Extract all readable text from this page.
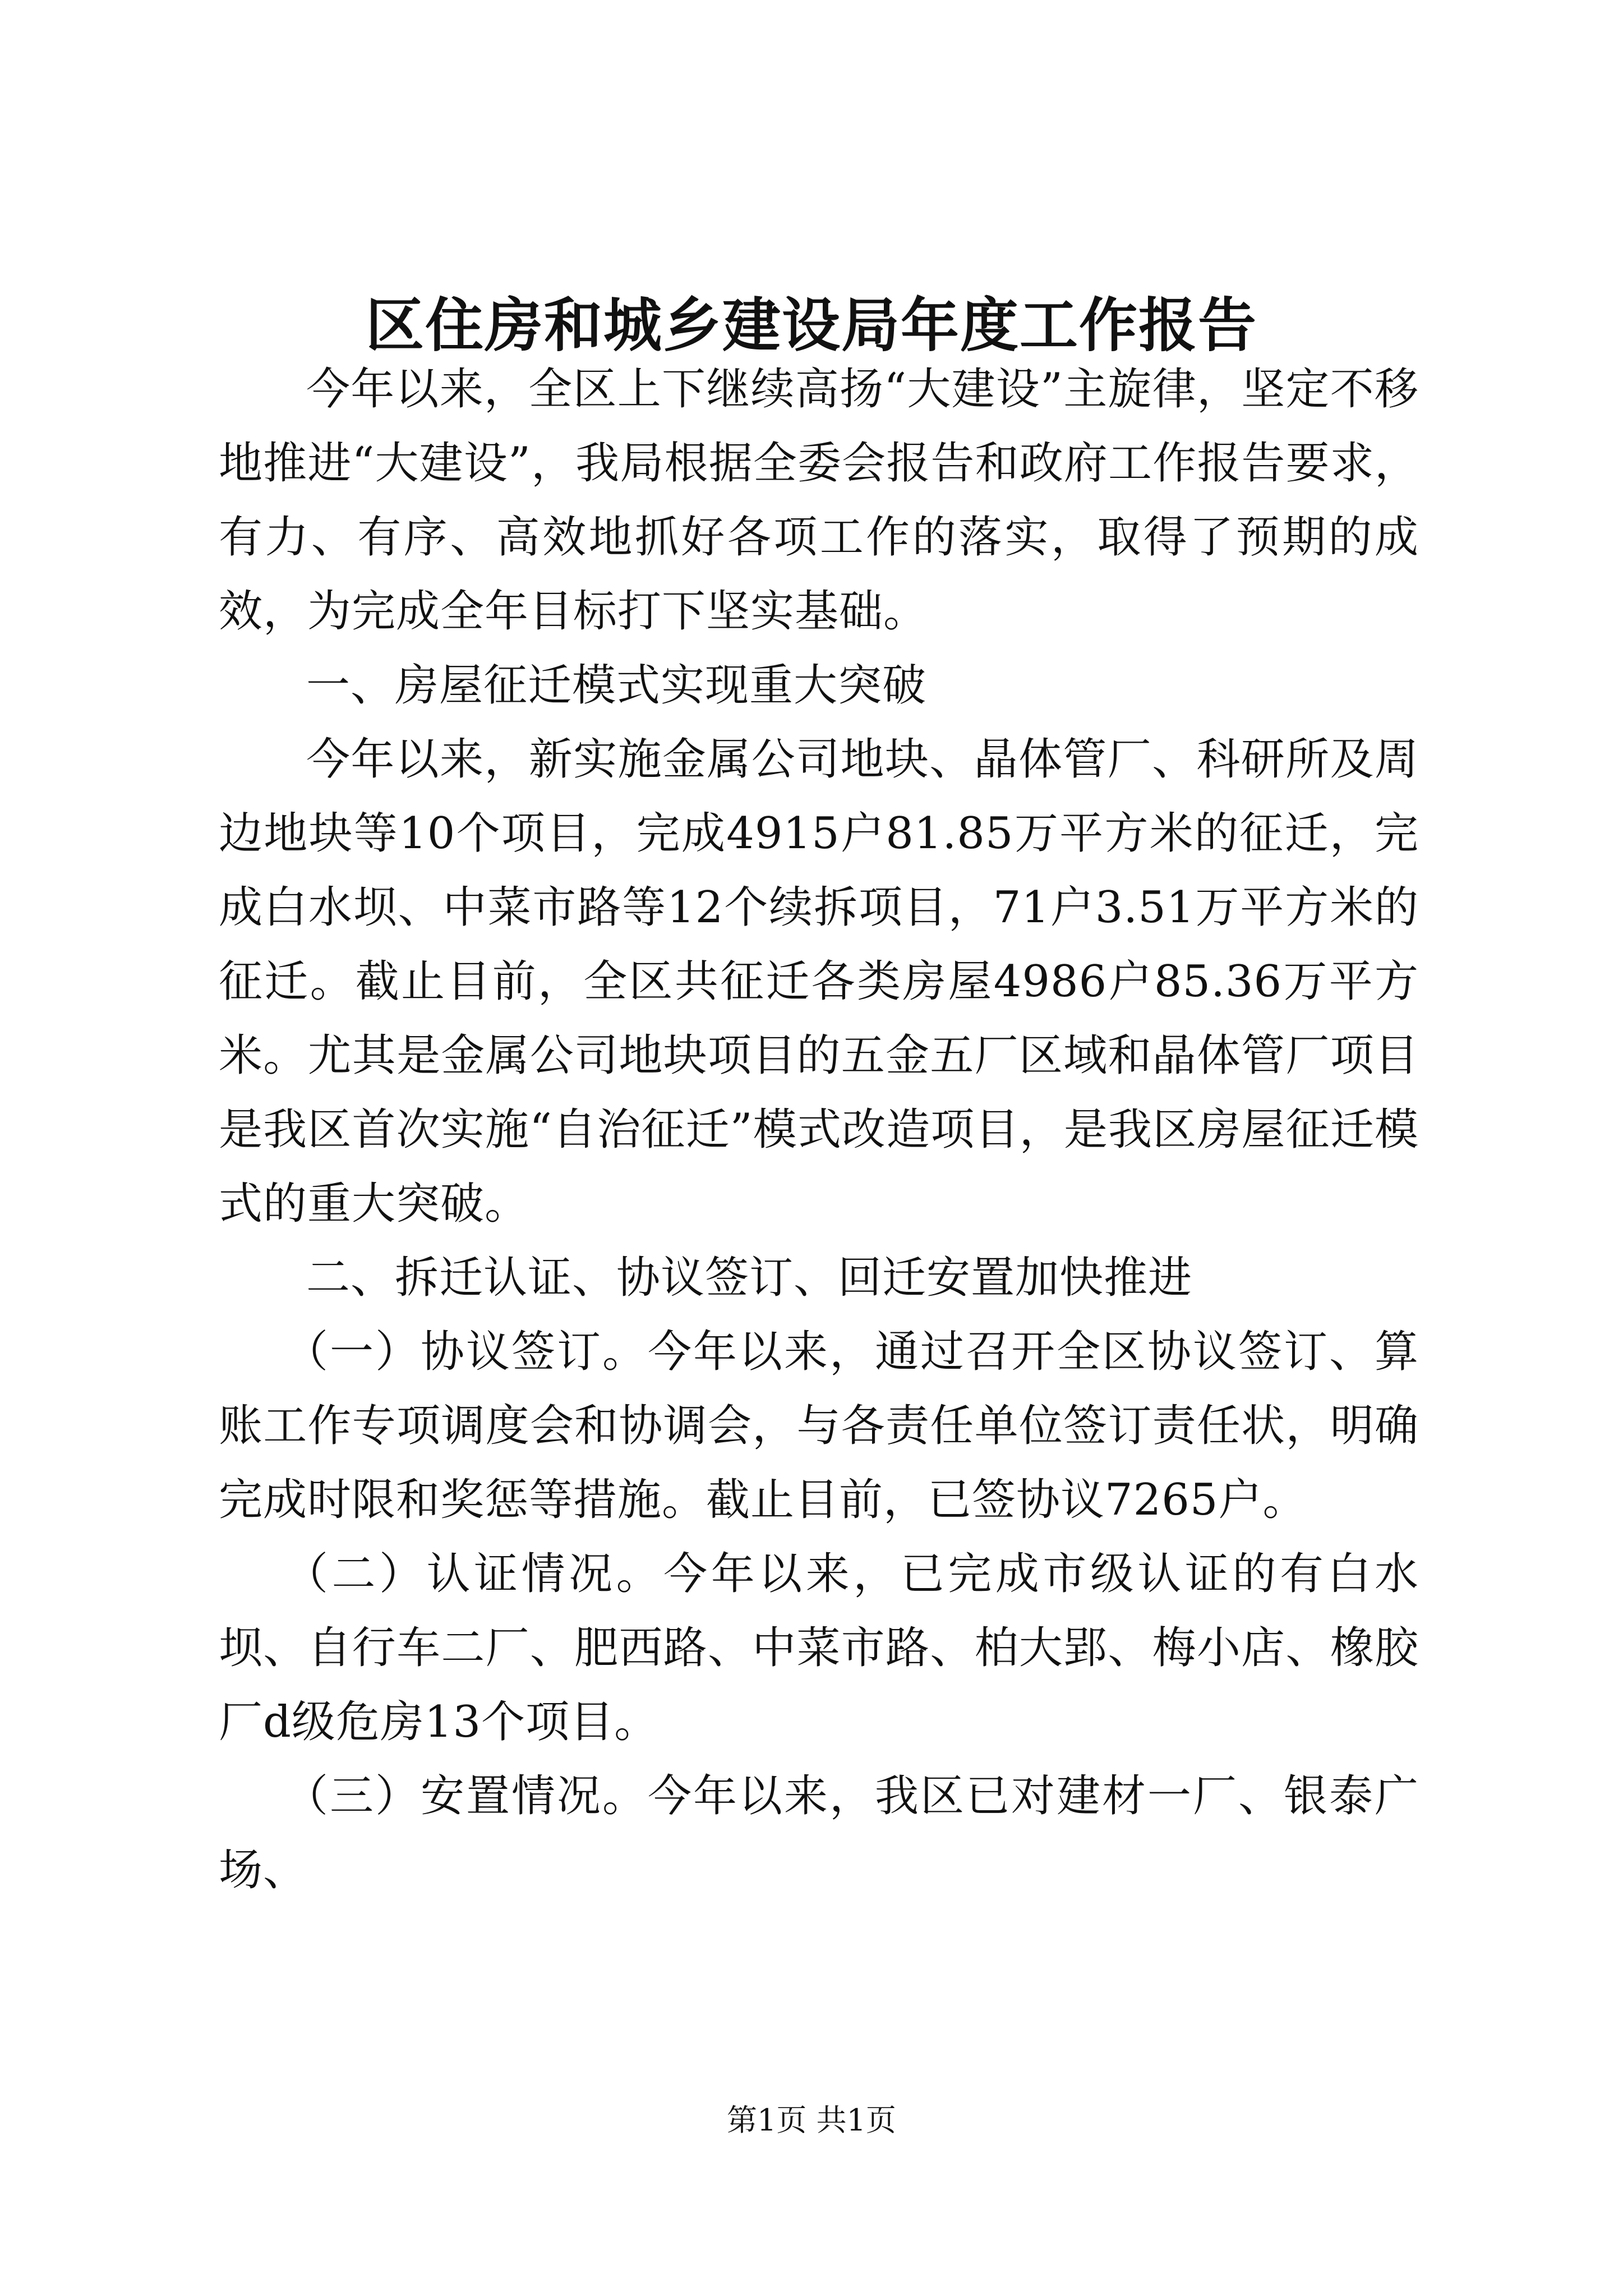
区住房和城乡建设局年度工作报告

今年以来，全区上下继续高扬“大建设”主旋律，坚定不移地推进“大建设”，我局根据全委会报告和政府工作报告要求，有力、有序、高效地抓好各项工作的落实，取得了预期的成效，为完成全年目标打下坚实基础。

一、房屋征迁模式实现重大突破

今年以来，新实施金属公司地块、晶体管厂、科研所及周边地块等10个项目，完成4915户81.85万平方米的征迁，完成白水坝、中菜市路等12个续拆项目，71户3.51万平方米的征迁。截止目前，全区共征迁各类房屋4986户85.36万平方米。尤其是金属公司地块项目的五金五厂区域和晶体管厂项目是我区首次实施“自治征迁”模式改造项目，是我区房屋征迁模式的重大突破。

二、拆迁认证、协议签订、回迁安置加快推进

（一）协议签订。今年以来，通过召开全区协议签订、算账工作专项调度会和协调会，与各责任单位签订责任状，明确完成时限和奖惩等措施。截止目前，已签协议7265户。

（二）认证情况。今年以来，已完成市级认证的有白水坝、自行车二厂、肥西路、中菜市路、柏大郢、梅小店、橡胶厂d级危房13个项目。

（三）安置情况。今年以来，我区已对建材一厂、银泰广场、

第1页 共1页
